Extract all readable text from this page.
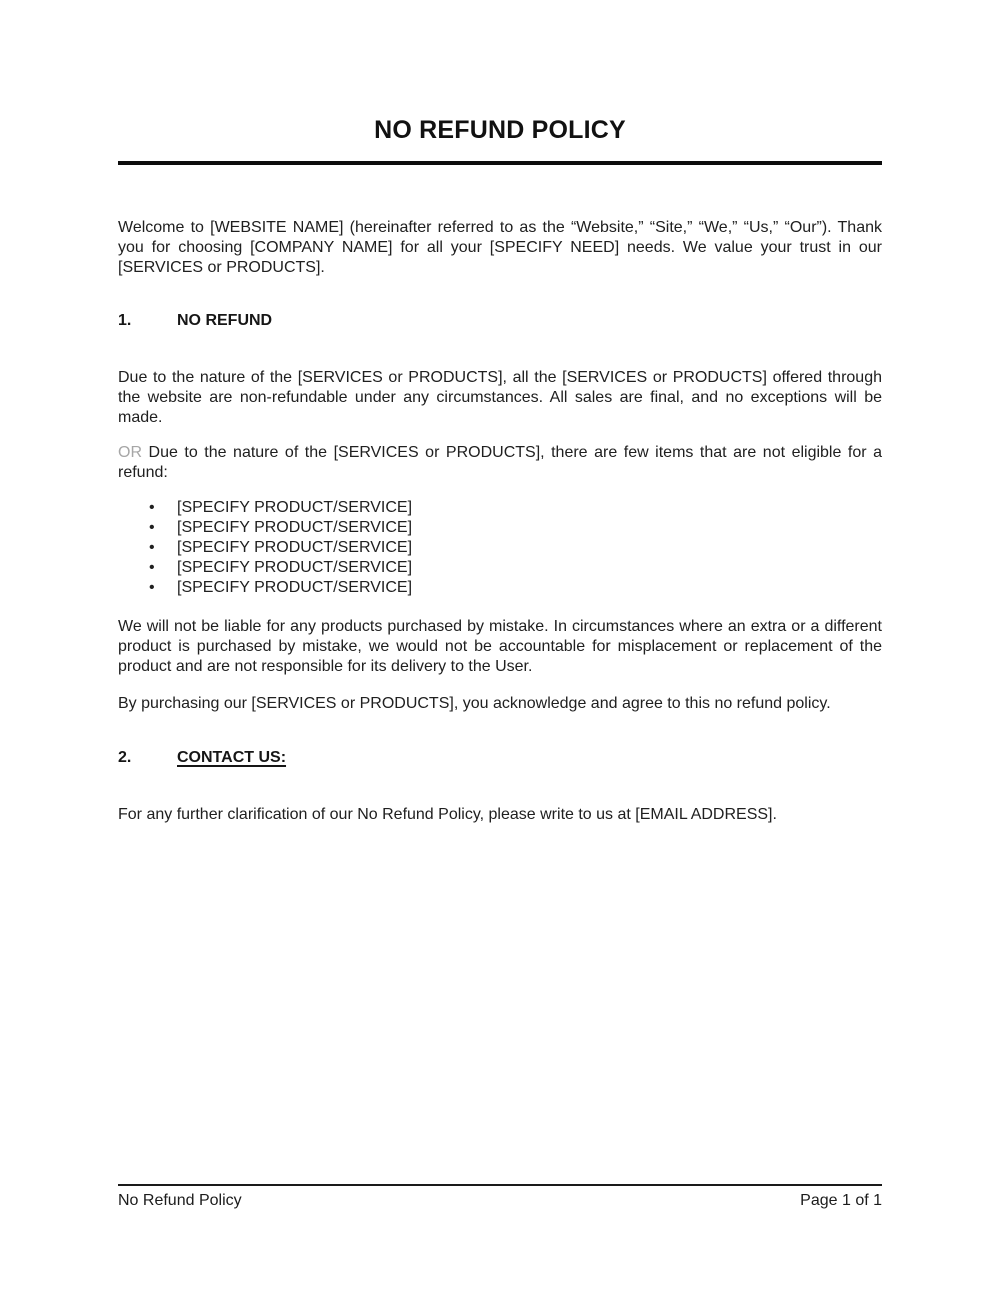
NO REFUND POLICY

Welcome to [WEBSITE NAME] (hereinafter referred to as the “Website,” “Site,” “We,” “Us,” “Our”). Thank you for choosing [COMPANY NAME] for all your [SPECIFY NEED] needs. We value your trust in our [SERVICES or PRODUCTS].

1.	NO REFUND

Due to the nature of the [SERVICES or PRODUCTS], all the [SERVICES or PRODUCTS] offered through the website are non-refundable under any circumstances. All sales are final, and no exceptions will be made.

OR Due to the nature of the [SERVICES or PRODUCTS], there are few items that are not eligible for a refund:

• [SPECIFY PRODUCT/SERVICE]
• [SPECIFY PRODUCT/SERVICE]
• [SPECIFY PRODUCT/SERVICE]
• [SPECIFY PRODUCT/SERVICE]
• [SPECIFY PRODUCT/SERVICE]

We will not be liable for any products purchased by mistake. In circumstances where an extra or a different product is purchased by mistake, we would not be accountable for misplacement or replacement of the product and are not responsible for its delivery to the User.

By purchasing our [SERVICES or PRODUCTS], you acknowledge and agree to this no refund policy.

2.	CONTACT US:

For any further clarification of our No Refund Policy, please write to us at [EMAIL ADDRESS].

No Refund Policy	Page 1 of 1
